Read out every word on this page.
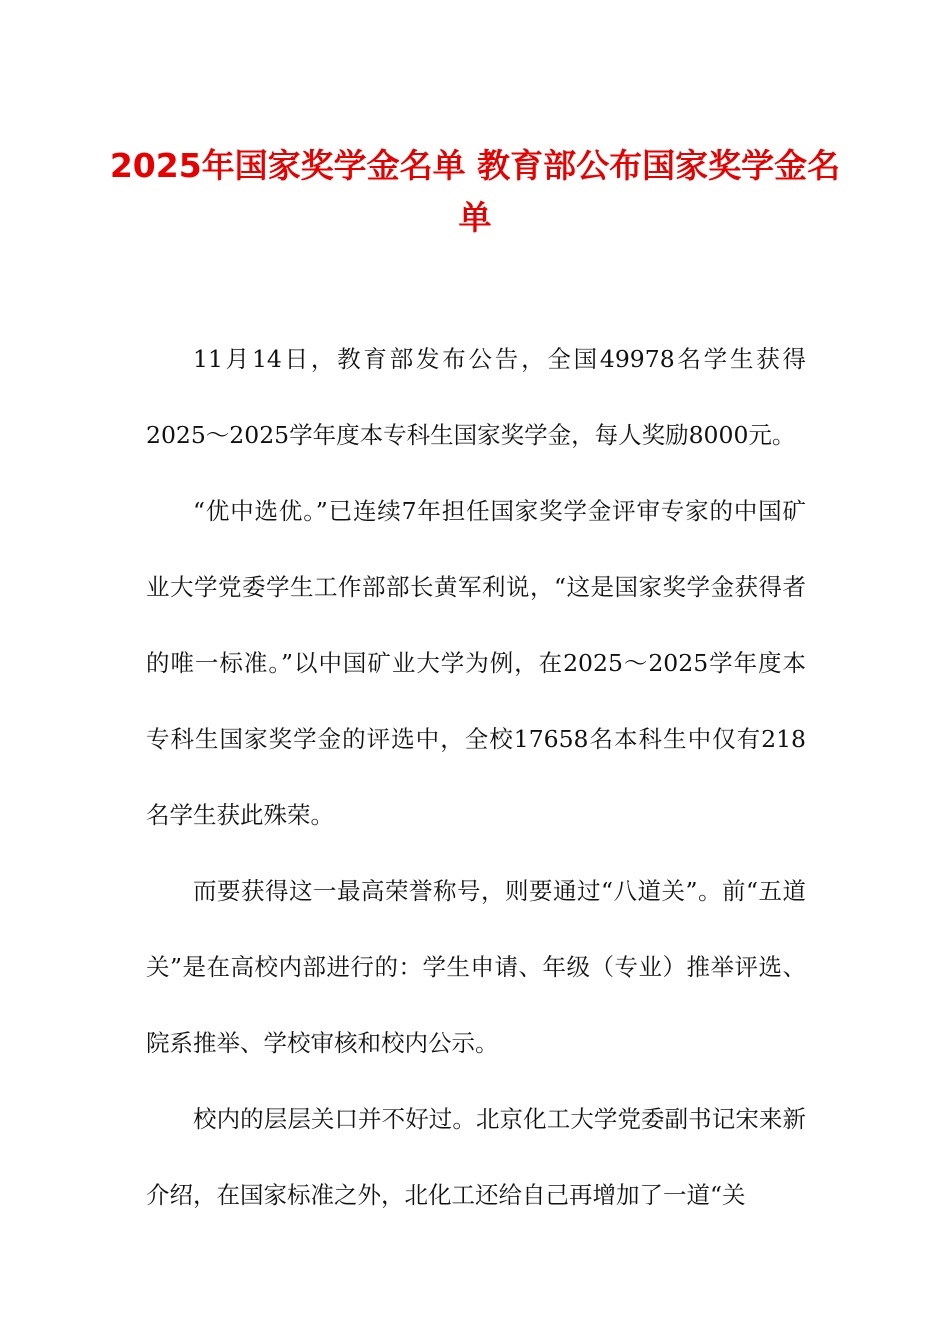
2025年国家奖学金名单 教育部公布国家奖学金名单

11月14日，教育部发布公告，全国49978名学生获得2025～2025学年度本专科生国家奖学金，每人奖励8000元。

“优中选优。”已连续7年担任国家奖学金评审专家的中国矿业大学党委学生工作部部长黄军利说，“这是国家奖学金获得者的唯一标准。”以中国矿业大学为例，在2025～2025学年度本专科生国家奖学金的评选中，全校17658名本科生中仅有218名学生获此殊荣。

而要获得这一最高荣誉称号，则要通过“八道关”。前“五道关”是在高校内部进行的：学生申请、年级（专业）推举评选、院系推举、学校审核和校内公示。

校内的层层关口并不好过。北京化工大学党委副书记宋来新介绍，在国家标准之外，北化工还给自己再增加了一道“关
